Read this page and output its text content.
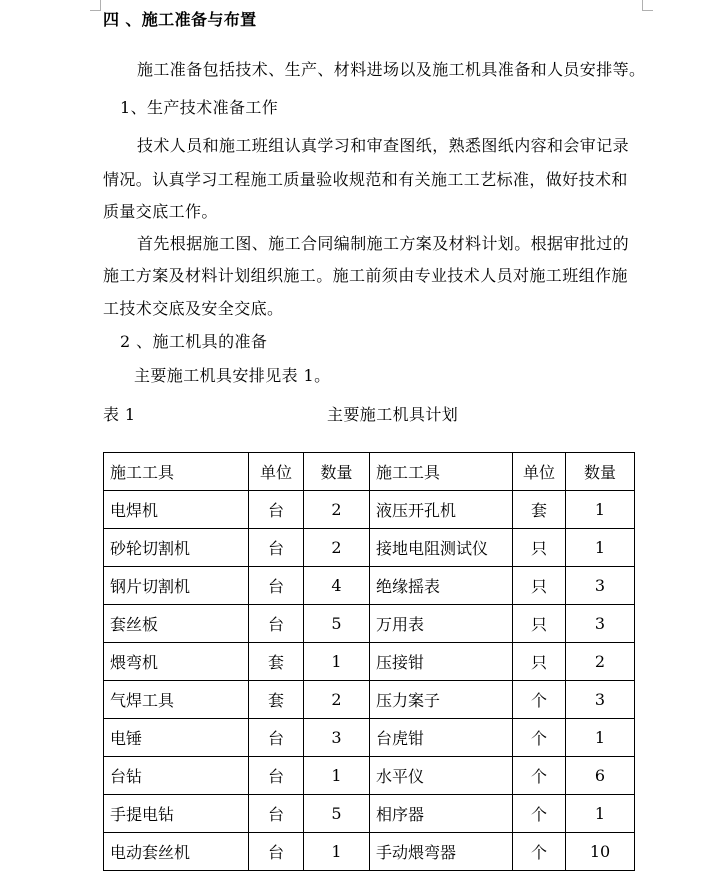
四 、施工准备与布置
施工准备包括技术、生产、材料进场以及施工机具准备和人员安排等。
1、生产技术准备工作
技术人员和施工班组认真学习和审查图纸，熟悉图纸内容和会审记录
情况。认真学习工程施工质量验收规范和有关施工工艺标准，做好技术和
质量交底工作。
首先根据施工图、施工合同编制施工方案及材料计划。根据审批过的
施工方案及材料计划组织施工。施工前须由专业技术人员对施工班组作施
工技术交底及安全交底。
2 、施工机具的准备
主要施工机具安排见表 1。
表 1	主要施工机具计划
施工工具	单位	数量	施工工具	单位	数量
电焊机	台	2	液压开孔机	套	1
砂轮切割机	台	2	接地电阻测试仪	只	1
钢片切割机	台	4	绝缘摇表	只	3
套丝板	台	5	万用表	只	3
煨弯机	套	1	压接钳	只	2
气焊工具	套	2	压力案子	个	3
电锤	台	3	台虎钳	个	1
台钻	台	1	水平仪	个	6
手提电钻	台	5	相序器	个	1
电动套丝机	台	1	手动煨弯器	个	10
